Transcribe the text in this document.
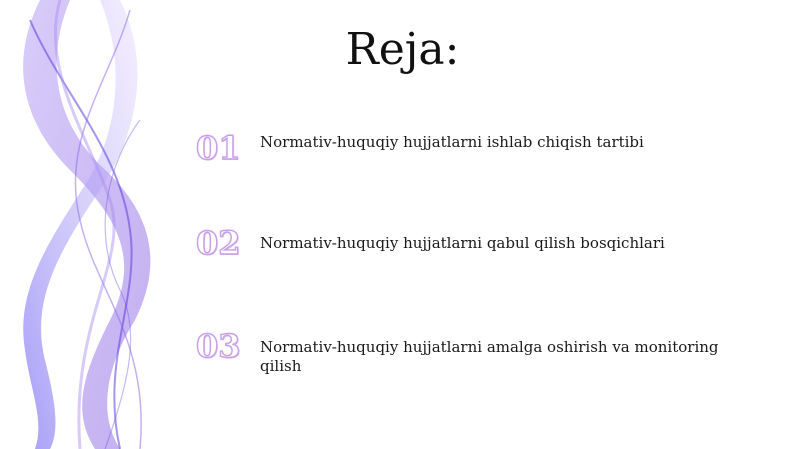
Reja:
01	Normativ-huquqiy hujjatlarni ishlab chiqish tartibi
02	Normativ-huquqiy hujjatlarni qabul qilish bosqichlari
03	Normativ-huquqiy hujjatlarni amalga oshirish va monitoring qilish
